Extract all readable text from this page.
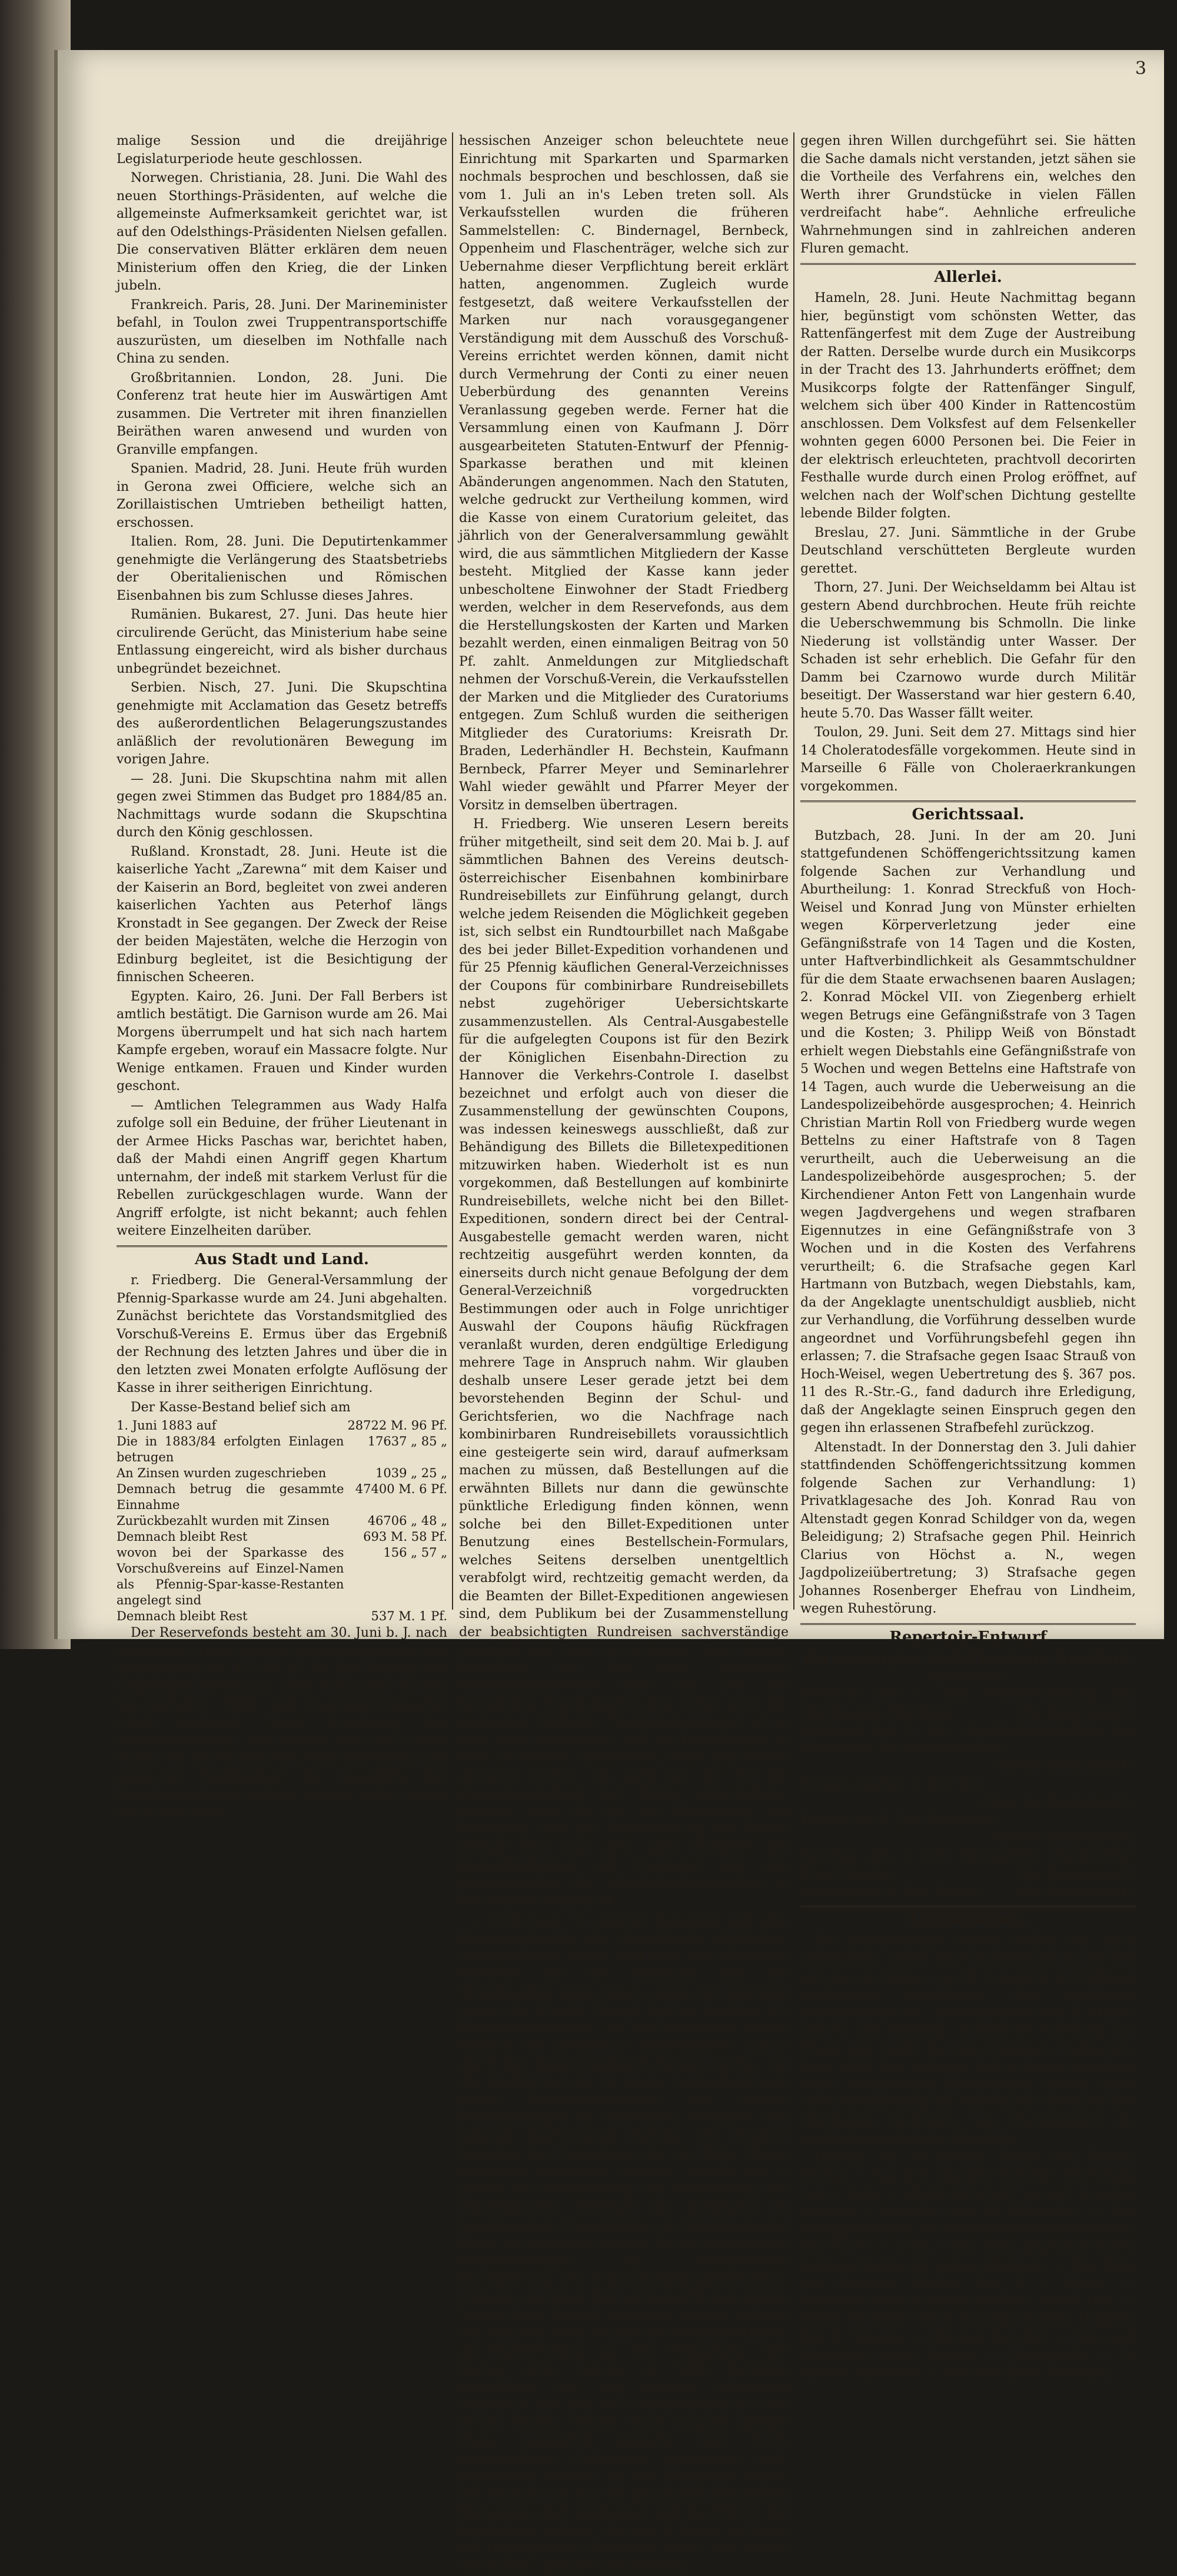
3

malige Session und die dreijährige Legislaturperiode heute geschlossen.

Norwegen. Christiania, 28. Juni. Die Wahl des neuen Storthings-Präsidenten, auf welche die allgemeinste Aufmerksamkeit gerichtet war, ist auf den Odelsthings-Präsidenten Nielsen gefallen. Die conservativen Blätter erklären dem neuen Ministerium offen den Krieg, die der Linken jubeln.

Frankreich. Paris, 28. Juni. Der Marineminister befahl, in Toulon zwei Truppentransportschiffe auszurüsten, um dieselben im Nothfalle nach China zu senden.

Großbritannien. London, 28. Juni. Die Conferenz trat heute hier im Auswärtigen Amt zusammen. Die Vertreter mit ihren finanziellen Beiräthen waren anwesend und wurden von Granville empfangen.

Spanien. Madrid, 28. Juni. Heute früh wurden in Gerona zwei Officiere, welche sich an Zorillaistischen Umtrieben betheiligt hatten, erschossen.

Italien. Rom, 28. Juni. Die Deputirtenkammer genehmigte die Verlängerung des Staatsbetriebs der Oberitalienischen und Römischen Eisenbahnen bis zum Schlusse dieses Jahres.

Rumänien. Bukarest, 27. Juni. Das heute hier circulirende Gerücht, das Ministerium habe seine Entlassung eingereicht, wird als bisher durchaus unbegründet bezeichnet.

Serbien. Nisch, 27. Juni. Die Skupschtina genehmigte mit Acclamation das Gesetz betreffs des außerordentlichen Belagerungszustandes anläßlich der revolutionären Bewegung im vorigen Jahre.

— 28. Juni. Die Skupschtina nahm mit allen gegen zwei Stimmen das Budget pro 1884/85 an. Nachmittags wurde sodann die Skupschtina durch den König geschlossen.

Rußland. Kronstadt, 28. Juni. Heute ist die kaiserliche Yacht „Zarewna“ mit dem Kaiser und der Kaiserin an Bord, begleitet von zwei anderen kaiserlichen Yachten aus Peterhof längs Kronstadt in See gegangen. Der Zweck der Reise der beiden Majestäten, welche die Herzogin von Edinburg begleitet, ist die Besichtigung der finnischen Scheeren.

Egypten. Kairo, 26. Juni. Der Fall Berbers ist amtlich bestätigt. Die Garnison wurde am 26. Mai Morgens überrumpelt und hat sich nach hartem Kampfe ergeben, worauf ein Massacre folgte. Nur Wenige entkamen. Frauen und Kinder wurden geschont.

— Amtlichen Telegrammen aus Wady Halfa zufolge soll ein Beduine, der früher Lieutenant in der Armee Hicks Paschas war, berichtet haben, daß der Mahdi einen Angriff gegen Khartum unternahm, der indeß mit starkem Verlust für die Rebellen zurückgeschlagen wurde. Wann der Angriff erfolgte, ist nicht bekannt; auch fehlen weitere Einzelheiten darüber.

Aus Stadt und Land.

r. Friedberg. Die General-Versammlung der Pfennig-Sparkasse wurde am 24. Juni abgehalten. Zunächst berichtete das Vorstandsmitglied des Vorschuß-Vereins E. Ermus über das Ergebniß der Rechnung des letzten Jahres und über die in den letzten zwei Monaten erfolgte Auflösung der Kasse in ihrer seitherigen Einrichtung.

Der Kasse-Bestand belief sich am

1. Juni 1883 auf	28722 M. 96 Pf.
Die in 1883/84 erfolgten Einlagen betrugen	17637 „ 85 „
An Zinsen wurden zugeschrieben	1039 „ 25 „
Demnach betrug die gesammte Einnahme	47400 M. 6 Pf.
Zurückbezahlt wurden mit Zinsen	46706 „ 48 „
Demnach bleibt Rest	693 M. 58 Pf.
wovon bei der Sparkasse des Vorschußvereins auf Einzel-Namen als Pfennig-Spar-kasse-Restanten angelegt sind	156 „ 57 „
Demnach bleibt Rest	537 M. 1 Pf.

Der Reservefonds besteht am 30. Juni b. J. nach Abzug der Druck- und der Herstellungskosten der Sparmarken aus 473 M. 27 Pf. Zur Prüfung der vorgelegten Rechnung nebst Urkunden wurden Seminarlehrer Wahl und Instrumentenmacher Glück bestimmt. Nach Erledigung der Berichterstattung, aus welcher sich auf's Neue ergab, wie der Vorstand des Vorschuß-Vereins mit äußerster Pünktlichkeit die Geschäfte der Hauptsammelstelle seither besorgt hatte, wurde die in dem Ober-

hessischen Anzeiger schon beleuchtete neue Einrichtung mit Sparkarten und Sparmarken nochmals besprochen und beschlossen, daß sie vom 1. Juli an in's Leben treten soll. Als Verkaufsstellen wurden die früheren Sammelstellen: C. Bindernagel, Bernbeck, Oppenheim und Flaschenträger, welche sich zur Uebernahme dieser Verpflichtung bereit erklärt hatten, angenommen. Zugleich wurde festgesetzt, daß weitere Verkaufsstellen der Marken nur nach vorausgegangener Verständigung mit dem Ausschuß des Vorschuß-Vereins errichtet werden können, damit nicht durch Vermehrung der Conti zu einer neuen Ueberbürdung des genannten Vereins Veranlassung gegeben werde. Ferner hat die Versammlung einen von Kaufmann J. Dörr ausgearbeiteten Statuten-Entwurf der Pfennig-Sparkasse berathen und mit kleinen Abänderungen angenommen. Nach den Statuten, welche gedruckt zur Vertheilung kommen, wird die Kasse von einem Curatorium geleitet, das jährlich von der Generalversammlung gewählt wird, die aus sämmtlichen Mitgliedern der Kasse besteht. Mitglied der Kasse kann jeder unbescholtene Einwohner der Stadt Friedberg werden, welcher in dem Reservefonds, aus dem die Herstellungskosten der Karten und Marken bezahlt werden, einen einmaligen Beitrag von 50 Pf. zahlt. Anmeldungen zur Mitgliedschaft nehmen der Vorschuß-Verein, die Verkaufsstellen der Marken und die Mitglieder des Curatoriums entgegen. Zum Schluß wurden die seitherigen Mitglieder des Curatoriums: Kreisrath Dr. Braden, Lederhändler H. Bechstein, Kaufmann Bernbeck, Pfarrer Meyer und Seminarlehrer Wahl wieder gewählt und Pfarrer Meyer der Vorsitz in demselben übertragen.

H. Friedberg. Wie unseren Lesern bereits früher mitgetheilt, sind seit dem 20. Mai b. J. auf sämmtlichen Bahnen des Vereins deutsch-österreichischer Eisenbahnen kombinirbare Rundreisebillets zur Einführung gelangt, durch welche jedem Reisenden die Möglichkeit gegeben ist, sich selbst ein Rundtourbillet nach Maßgabe des bei jeder Billet-Expedition vorhandenen und für 25 Pfennig käuflichen General-Verzeichnisses der Coupons für combinirbare Rundreisebillets nebst zugehöriger Uebersichtskarte zusammenzustellen. Als Central-Ausgabestelle für die aufgelegten Coupons ist für den Bezirk der Königlichen Eisenbahn-Direction zu Hannover die Verkehrs-Controle I. daselbst bezeichnet und erfolgt auch von dieser die Zusammenstellung der gewünschten Coupons, was indessen keineswegs ausschließt, daß zur Behändigung des Billets die Billetexpeditionen mitzuwirken haben. Wiederholt ist es nun vorgekommen, daß Bestellungen auf kombinirte Rundreisebillets, welche nicht bei den Billet-Expeditionen, sondern direct bei der Central-Ausgabestelle gemacht werden waren, nicht rechtzeitig ausgeführt werden konnten, da einerseits durch nicht genaue Befolgung der dem General-Verzeichniß vorgedruckten Bestimmungen oder auch in Folge unrichtiger Auswahl der Coupons häufig Rückfragen veranlaßt wurden, deren endgültige Erledigung mehrere Tage in Anspruch nahm. Wir glauben deshalb unsere Leser gerade jetzt bei dem bevorstehenden Beginn der Schul- und Gerichtsferien, wo die Nachfrage nach kombinirbaren Rundreisebillets voraussichtlich eine gesteigerte sein wird, darauf aufmerksam machen zu müssen, daß Bestellungen auf die erwähnten Billets nur dann die gewünschte pünktliche Erledigung finden können, wenn solche bei den Billet-Expeditionen unter Benutzung eines Bestellschein-Formulars, welches Seitens derselben unentgeltlich verabfolgt wird, rechtzeitig gemacht werden, da die Beamten der Billet-Expeditionen angewiesen sind, dem Publikum bei der Zusammenstellung der beabsichtigten Rundreisen sachverständige Auskunft und Rath zu ertheilen. Eine directe Bestellung bei der oben genannten Centralausgabestelle oder gar bei der Königlichen Eisenbahndirection bietet nicht die geringsten Vortheile. Nichtsdestoweniger ist es aber auch erforderlich, daß die Bestellungen so früh als thunlich, mindestens 2 volle Tage vorher gemacht werden, da nicht nur die für die Zusammenstellung der Billets erforderliche, sondern auch die für die Hinsendung der Bestellung und die Uebersendung der Billets nöthige Zeit und zwar nach Maßgabe der Zugverbindungen mit Hannover und den Büreaustunden der Eisenbahndienststellen in Betracht zu nehmen ist.

s. Dortelweil. In unserer Gemeinde soll eine Zusammenlegung der Grundstücke stattfinden. Unbegreiflicher Weise sind trotz der offenbaren Vortheile, die die Gemeinde und die Grundbesitzer davon haben, einige der Letzteren gegen das Projekt. Diesen Leuten möchten wir Folgendes erzählen: „Auf der Dienstreise, welche kürzlich der preußische Staatsminister Lucius durch den Regierungsbezirk Kassel machte, um die Ausführung der in jenem Landestheil noch neuen Zusammenlegungen und großen Forstablösungen zu controliren, ereignete sich folgende bezeichnende Episode. Der Minister besuchte die Gemarkung der im Kreis Hanau gelegenen Gemeinde Ostheim, welche vor 4 Jahren die Durchführung mit Zustimmung der überwiegenden Mehrheit der Beteiligten zu beschlossenen Consolidation in tumultuarischer Weise zu verhindern suchte. Da die gesetzlichen Voraussetzungen zur zwangsweisen Durchführung des Zusammenlegungsverfahrens vorlagen und über den wirthschaftlichen großen Nutzen kein Zweifel obwalten konnte, ordnete der Minister, trotz stürmischer Gegenpetitionen, die Durchführung an. Die Gemarkung, 880 Hectar groß, welche in 9400 Parzellen zersplittert war, ist seitdem vollständig consolidirt und den 597 Grundbesitzern in 1160 neuen Plänen, welche durch bequem gelegte Wege zugänglich gemacht und durch zweckmäßiges Grabennetz entwässert sind, zugewiesen worden. An der Flurgrenze wurde der Minister von fast der gesammten männlichen Einwohnerschaft empfangen und der Führer der Deputation, welcher ihm vor 4 Jahren in Berlin die Gegenpetition überreicht hatte, trat hervor und dankte, daß die Consolidation

gegen ihren Willen durchgeführt sei. Sie hätten die Sache damals nicht verstanden, jetzt sähen sie die Vortheile des Verfahrens ein, welches den Werth ihrer Grundstücke in vielen Fällen verdreifacht habe“. Aehnliche erfreuliche Wahrnehmungen sind in zahlreichen anderen Fluren gemacht.

Allerlei.

Hameln, 28. Juni. Heute Nachmittag begann hier, begünstigt vom schönsten Wetter, das Rattenfängerfest mit dem Zuge der Austreibung der Ratten. Derselbe wurde durch ein Musikcorps in der Tracht des 13. Jahrhunderts eröffnet; dem Musikcorps folgte der Rattenfänger Singulf, welchem sich über 400 Kinder in Rattencostüm anschlossen. Dem Volksfest auf dem Felsenkeller wohnten gegen 6000 Personen bei. Die Feier in der elektrisch erleuchteten, prachtvoll decorirten Festhalle wurde durch einen Prolog eröffnet, auf welchen nach der Wolf'schen Dichtung gestellte lebende Bilder folgten.

Breslau, 27. Juni. Sämmtliche in der Grube Deutschland verschütteten Bergleute wurden gerettet.

Thorn, 27. Juni. Der Weichseldamm bei Altau ist gestern Abend durchbrochen. Heute früh reichte die Ueberschwemmung bis Schmolln. Die linke Niederung ist vollständig unter Wasser. Der Schaden ist sehr erheblich. Die Gefahr für den Damm bei Czarnowo wurde durch Militär beseitigt. Der Wasserstand war hier gestern 6.40, heute 5.70. Das Wasser fällt weiter.

Toulon, 29. Juni. Seit dem 27. Mittags sind hier 14 Choleratodesfälle vorgekommen. Heute sind in Marseille 6 Fälle von Cholerаerkrankungen vorgekommen.

Gerichtssaal.

Butzbach, 28. Juni. In der am 20. Juni stattgefundenen Schöffengerichtssitzung kamen folgende Sachen zur Verhandlung und Aburtheilung: 1. Konrad Streckfuß von Hoch-Weisel und Konrad Jung von Münster erhielten wegen Körperverletzung jeder eine Gefängnißstrafe von 14 Tagen und die Kosten, unter Haftverbindlichkeit als Gesammtschuldner für die dem Staate erwachsenen baaren Auslagen; 2. Konrad Möckel VII. von Ziegenberg erhielt wegen Betrugs eine Gefängnißstrafe von 3 Tagen und die Kosten; 3. Philipp Weiß von Bönstadt erhielt wegen Diebstahls eine Gefängnißstrafe von 5 Wochen und wegen Bettelns eine Haftstrafe von 14 Tagen, auch wurde die Ueberweisung an die Landespolizeibehörde ausgesprochen; 4. Heinrich Christian Martin Roll von Friedberg wurde wegen Bettelns zu einer Haftstrafe von 8 Tagen verurtheilt, auch die Ueberweisung an die Landespolizeibehörde ausgesprochen; 5. der Kirchendiener Anton Fett von Langenhain wurde wegen Jagdvergehens und wegen strafbaren Eigennutzes in eine Gefängnißstrafe von 3 Wochen und in die Kosten des Verfahrens verurtheilt; 6. die Strafsache gegen Karl Hartmann von Butzbach, wegen Diebstahls, kam, da der Angeklagte unentschuldigt ausblieb, nicht zur Verhandlung, die Vorführung desselben wurde angeordnet und Vorführungsbefehl gegen ihn erlassen; 7. die Strafsache gegen Isaac Strauß von Hoch-Weisel, wegen Uebertretung des §. 367 pos. 11 des R.-Str.-G., fand dadurch ihre Erledigung, daß der Angeklagte seinen Einspruch gegen den gegen ihn erlassenen Strafbefehl zurückzog.

Altenstadt. In der Donnerstag den 3. Juli dahier stattfindenden Schöffengerichtssitzung kommen folgende Sachen zur Verhandlung: 1) Privatklagesache des Joh. Konrad Rau von Altenstadt gegen Konrad Schildger von da, wegen Beleidigung; 2) Strafsache gegen Phil. Heinrich Clarius von Höchst a. N., wegen Jagdpolizeiübertretung; 3) Strafsache gegen Johannes Rosenberger Ehefrau von Lindheim, wegen Ruhestörung.

Repertoir-Entwurf
der vereinigten Stadt-Theater in Frankfurt.
Opernhaus.
Dienstag den 1. Juli: Wiedereröffnung der Opernsaison. Don Juan.	(Im Abonnement.)
Mittwoch den 2. Juli: Abschiedsvorstellung der Münchener. Im Austragstüberl.
(Außer Abonnement.)
Donnerstag den 3. Juli: Tell.
(Oper im Abonnement.)
Freitag den 4. Juli: Boccaccio.
(Außer Abonnement.)
Samstag den 5. Juli: Margarethe. Margarethe: Fräul. Nicolai.	(Im Abonnement.)
Sonntag den 6. Juli: Lakme.	(Im Abonnement.)
Literarisches.

Bei gegenwärtiger Saison wollen wir nicht unterlassen, unsere Leser aufmerksam zu machen auf das im Verlag von W. Langguth in Eßlingen erschienene Schriftchen „Der praktische Obstbaumzüchter“, herausgegeben von E. Müller, Lehrer und Pomolog. Gründliche Anleitung zur Pflege und Zucht der verschiedenen Obstsorten. Preis 25 Pf. Der Verfasser legt in dieser Broschüre seine reichhaltigen Erfahrungen nieder, unter steter Beobachtung des Nutzens für die Cultur der Obstbäume wichtigen, von Fachmännern als praktisch anerkannten Resultate.

Daheim. Nr. 39 enthält. Toribe von Tornau. (Forts.) — Aus den Lagunen Venedigs. Zeichnung von G. Jank. — „Behüt dich Gott! es wär' zu schön gewesen“! Gemälde von M. Röbbecke. — Die Schuppenflechte, die verbreitetste Haarkrankheit. Von Dr. F. C. Clasen. — Ein Stück deutscher Kunst: Goldene Henne mit sieben Küchlein. — Das Ende von Lincoln's Mörder. Von H. v. Egger. — Fahrendes Volk in klassischer Zeit. Von H. Göll. — Bilder: Verblüfft! Von J. Schurig; und der Troppist. Von D. Voisseu. — Zeichen der Zeit. — Wie weit Menschen sehen können. — Rechtsrath. — In unserer Spielecke. — Mit zwei illustr. Beilagen.
